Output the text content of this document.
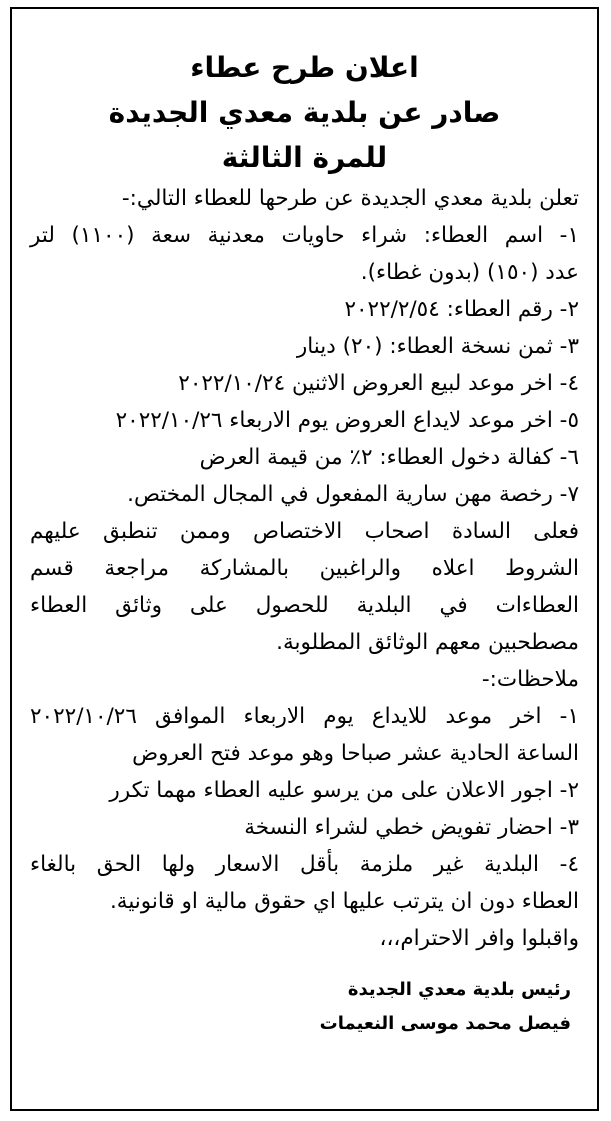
اعلان طرح عطاء

صادر عن بلدية معدي الجديدة

للمرة الثالثة

تعلن بلدية معدي الجديدة عن طرحها للعطاء التالي:-

١- اسم العطاء: شراء حاويات معدنية سعة (١١٠٠) لتر

عدد (١٥٠) (بدون غطاء).

٢- رقم العطاء: ٢٠٢٢/٢/٥٤

٣- ثمن نسخة العطاء: (٢٠) دينار

٤- اخر موعد لبيع العروض الاثنين ٢٠٢٢/١٠/٢٤

٥- اخر موعد لايداع العروض يوم الاربعاء ٢٠٢٢/١٠/٢٦

٦- كفالة دخول العطاء: ٢٪ من قيمة العرض

٧- رخصة مهن سارية المفعول في المجال المختص.

فعلى السادة اصحاب الاختصاص وممن تنطبق عليهم

الشروط اعلاه والراغبين بالمشاركة مراجعة قسم

العطاءات في البلدية للحصول على وثائق العطاء

مصطحبين معهم الوثائق المطلوبة.

ملاحظات:-

١- اخر موعد للايداع يوم الاربعاء الموافق ٢٠٢٢/١٠/٢٦

الساعة الحادية عشر صباحا وهو موعد فتح العروض

٢- اجور الاعلان على من يرسو عليه العطاء مهما تكرر

٣- احضار تفويض خطي لشراء النسخة

٤- البلدية غير ملزمة بأقل الاسعار ولها الحق بالغاء

العطاء دون ان يترتب عليها اي حقوق مالية او قانونية.

واقبلوا وافر الاحترام،،،

رئيس بلدية معدي الجديدة

فيصل محمد موسى النعيمات
